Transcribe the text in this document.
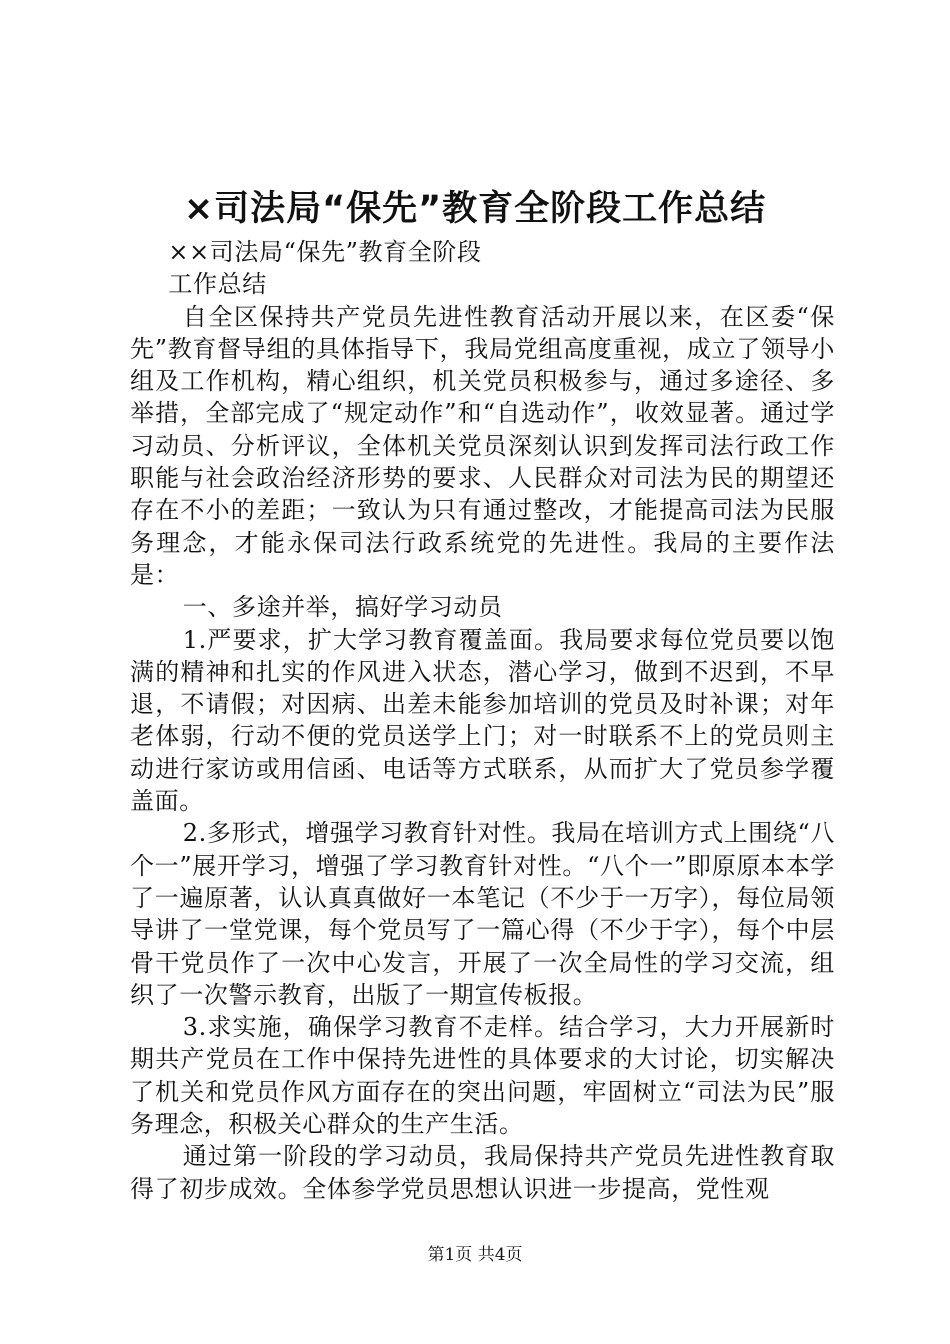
×司法局“保先”教育全阶段工作总结

××司法局“保先”教育全阶段

工作总结

自全区保持共产党员先进性教育活动开展以来，在区委“保先”教育督导组的具体指导下，我局党组高度重视，成立了领导小组及工作机构，精心组织，机关党员积极参与，通过多途径、多举措，全部完成了“规定动作”和“自选动作”，收效显著。通过学习动员、分析评议，全体机关党员深刻认识到发挥司法行政工作职能与社会政治经济形势的要求、人民群众对司法为民的期望还存在不小的差距；一致认为只有通过整改，才能提高司法为民服务理念，才能永保司法行政系统党的先进性。我局的主要作法是：

一、多途并举，搞好学习动员

1.严要求，扩大学习教育覆盖面。我局要求每位党员要以饱满的精神和扎实的作风进入状态，潜心学习，做到不迟到，不早退，不请假；对因病、出差未能参加培训的党员及时补课；对年老体弱，行动不便的党员送学上门；对一时联系不上的党员则主动进行家访或用信函、电话等方式联系，从而扩大了党员参学覆盖面。

2.多形式，增强学习教育针对性。我局在培训方式上围绕“八个一”展开学习，增强了学习教育针对性。“八个一”即原原本本学了一遍原著，认认真真做好一本笔记（不少于一万字），每位局领导讲了一堂党课，每个党员写了一篇心得（不少于字），每个中层骨干党员作了一次中心发言，开展了一次全局性的学习交流，组织了一次警示教育，出版了一期宣传板报。

3.求实施，确保学习教育不走样。结合学习，大力开展新时期共产党员在工作中保持先进性的具体要求的大讨论，切实解决了机关和党员作风方面存在的突出问题，牢固树立“司法为民”服务理念，积极关心群众的生产生活。

通过第一阶段的学习动员，我局保持共产党员先进性教育取得了初步成效。全体参学党员思想认识进一步提高，党性观

第1页 共4页
